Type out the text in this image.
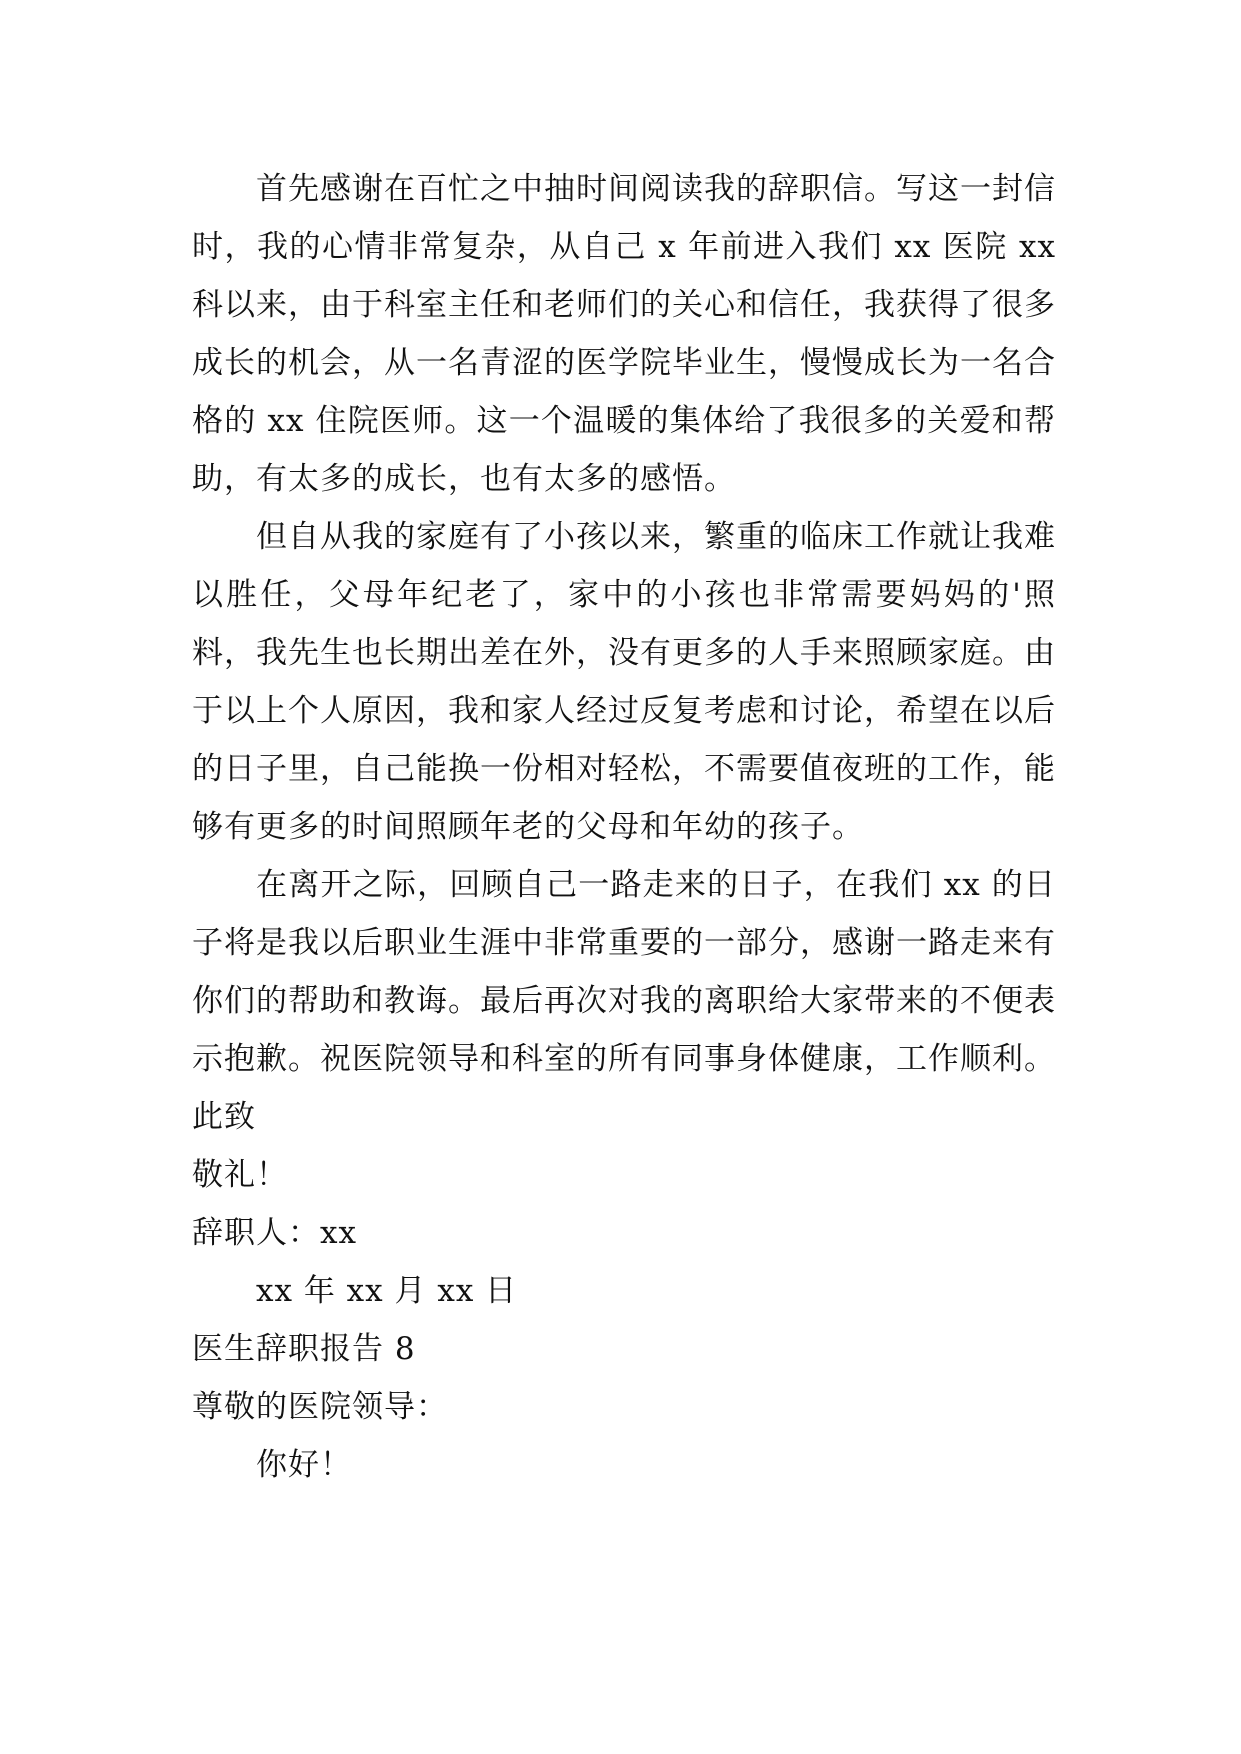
首先感谢在百忙之中抽时间阅读我的辞职信。写这一封信时，我的心情非常复杂，从自己 x 年前进入我们 xx 医院 xx 科以来，由于科室主任和老师们的关心和信任，我获得了很多成长的机会，从一名青涩的医学院毕业生，慢慢成长为一名合格的 xx 住院医师。这一个温暖的集体给了我很多的关爱和帮助，有太多的成长，也有太多的感悟。

但自从我的家庭有了小孩以来，繁重的临床工作就让我难以胜任，父母年纪老了，家中的小孩也非常需要妈妈的'照料，我先生也长期出差在外，没有更多的人手来照顾家庭。由于以上个人原因，我和家人经过反复考虑和讨论，希望在以后的日子里，自己能换一份相对轻松，不需要值夜班的工作，能够有更多的时间照顾年老的父母和年幼的孩子。

在离开之际，回顾自己一路走来的日子，在我们 xx 的日子将是我以后职业生涯中非常重要的一部分，感谢一路走来有你们的帮助和教诲。最后再次对我的离职给大家带来的不便表示抱歉。祝医院领导和科室的所有同事身体健康，工作顺利。

此致

敬礼！

辞职人：xx

xx 年 xx 月 xx 日

医生辞职报告 8

尊敬的医院领导：

你好！
